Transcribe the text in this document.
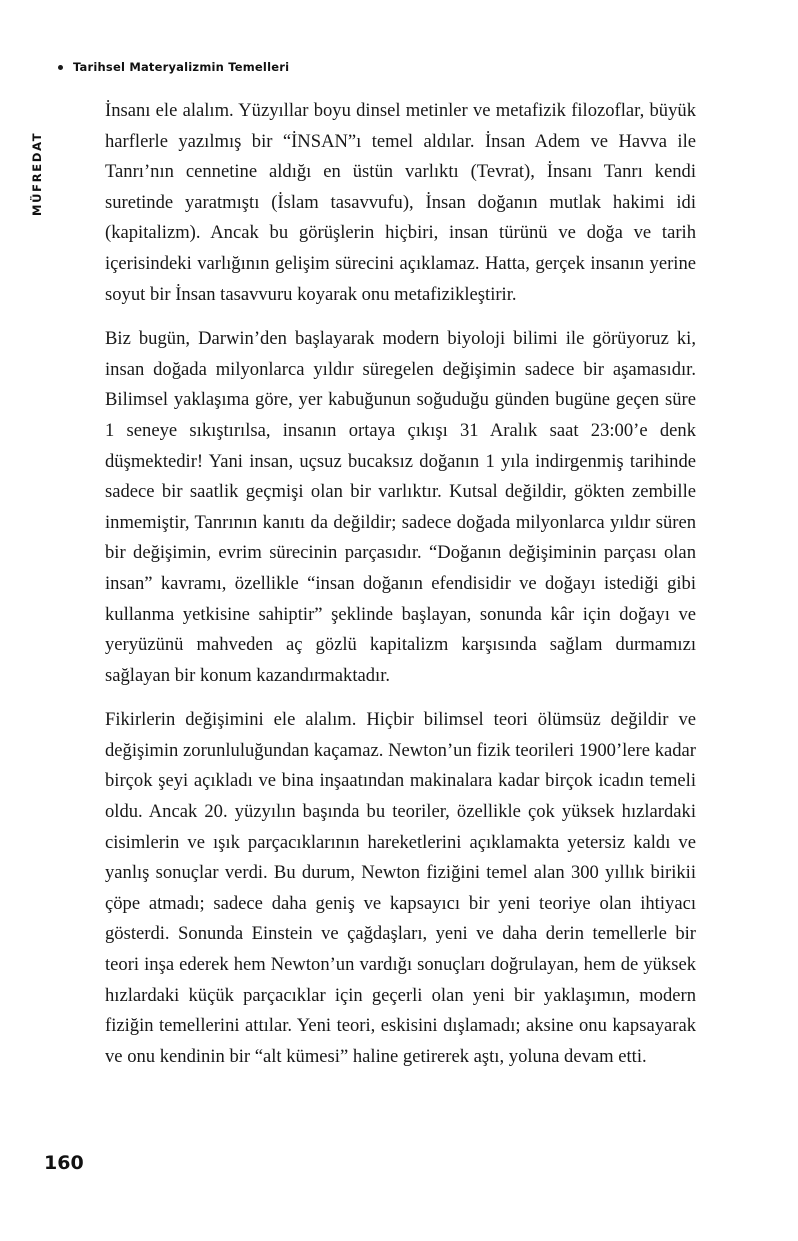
Tarihsel Materyalizmin Temelleri
MÜFREDAT

İnsanı ele alalım. Yüzyıllar boyu dinsel metinler ve metafizik filozoflar, büyük harflerle yazılmış bir “İNSAN”ı temel aldılar. İnsan Adem ve Havva ile Tanrı’nın cennetine aldığı en üstün varlıktı (Tevrat), İnsanı Tanrı kendi suretinde yaratmıştı (İslam tasavvufu), İnsan doğanın mutlak hakimi idi (kapitalizm). Ancak bu görüşlerin hiçbiri, insan türünü ve doğa ve tarih içerisindeki varlığının gelişim sürecini açıklamaz. Hatta, gerçek insanın yerine soyut bir İnsan tasavvuru koyarak onu metafizikleştirir.

Biz bugün, Darwin’den başlayarak modern biyoloji bilimi ile görüyoruz ki, insan doğada milyonlarca yıldır süregelen değişimin sadece bir aşamasıdır. Bilimsel yaklaşıma göre, yer kabuğunun soğuduğu günden bugüne geçen süre 1 seneye sıkıştırılsa, insanın ortaya çıkışı 31 Aralık saat 23:00’e denk düşmektedir! Yani insan, uçsuz bucaksız doğanın 1 yıla indirgenmiş tarihinde sadece bir saatlik geçmişi olan bir varlıktır. Kutsal değildir, gökten zembille inmemiştir, Tanrının kanıtı da değildir; sadece doğada milyonlarca yıldır süren bir değişimin, evrim sürecinin parçasıdır. “Doğanın değişiminin parçası olan insan” kavramı, özellikle “insan doğanın efendisidir ve doğayı istediği gibi kullanma yetkisine sahiptir” şeklinde başlayan, sonunda kâr için doğayı ve yeryüzünü mahveden aç gözlü kapitalizm karşısında sağlam durmamızı sağlayan bir konum kazandırmaktadır.

Fikirlerin değişimini ele alalım. Hiçbir bilimsel teori ölümsüz değildir ve değişimin zorunluluğundan kaçamaz. Newton’un fizik teorileri 1900’lere kadar birçok şeyi açıkladı ve bina inşaatından makinalara kadar birçok icadın temeli oldu. Ancak 20. yüzyılın başında bu teoriler, özellikle çok yüksek hızlardaki cisimlerin ve ışık parçacıklarının hareketlerini açıklamakta yetersiz kaldı ve yanlış sonuçlar verdi. Bu durum, Newton fiziğini temel alan 300 yıllık birikii çöpe atmadı; sadece daha geniş ve kapsayıcı bir yeni teoriye olan ihtiyacı gösterdi. Sonunda Einstein ve çağdaşları, yeni ve daha derin temellerle bir teori inşa ederek hem Newton’un vardığı sonuçları doğrulayan, hem de yüksek hızlardaki küçük parçacıklar için geçerli olan yeni bir yaklaşımın, modern fiziğin temellerini attılar. Yeni teori, eskisini dışlamadı; aksine onu kapsayarak ve onu kendinin bir “alt kümesi” haline getirerek aştı, yoluna devam etti.

160
